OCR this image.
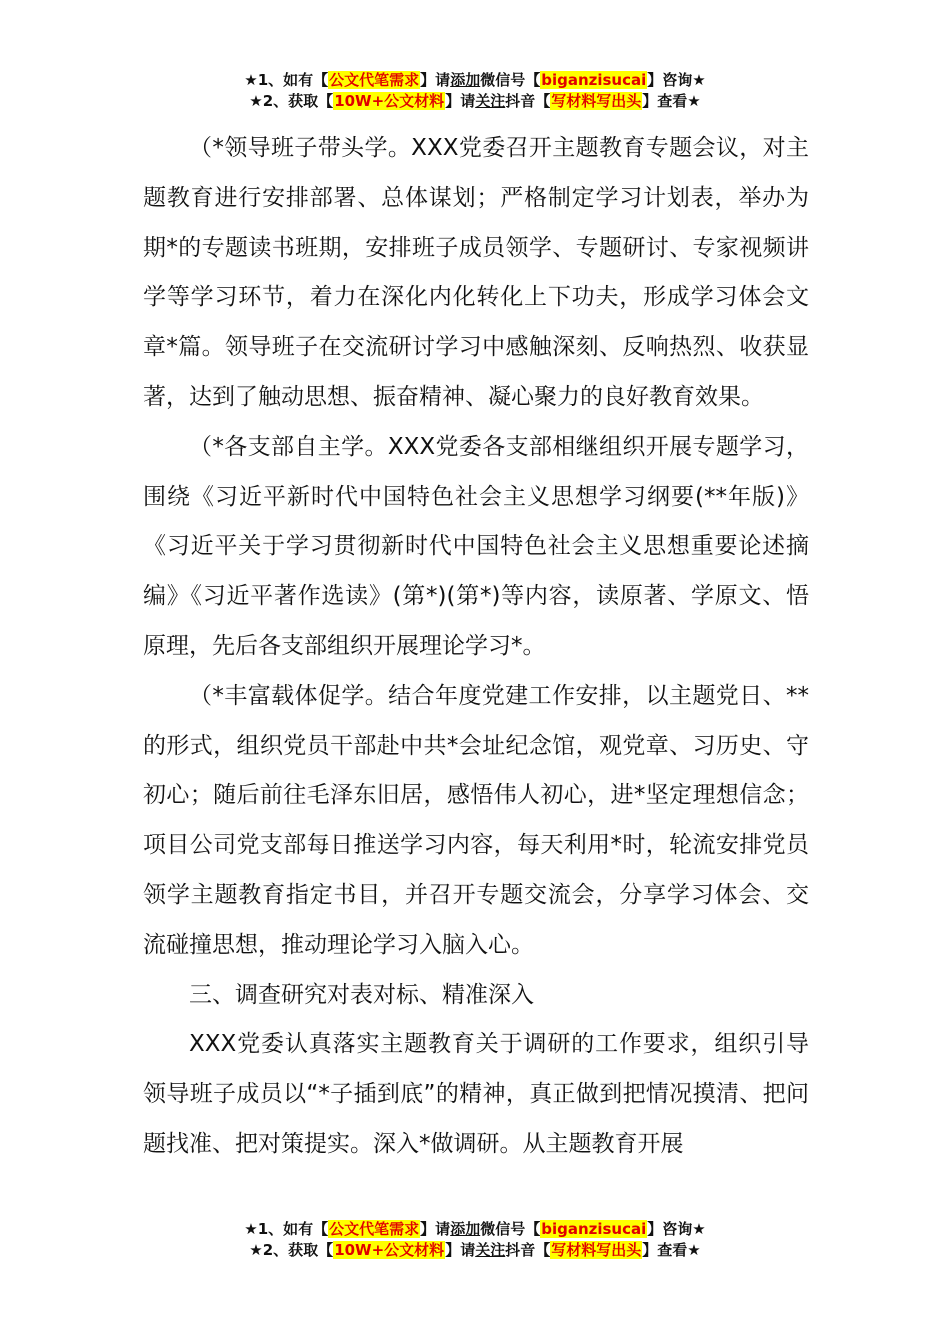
★1、如有【公文代笔需求】请添加微信号【biganzisucai】咨询★
★2、获取【10W+公文材料】请关注抖音【写材料写出头】查看★

（*领导班子带头学。XXX党委召开主题教育专题会议，对主题教育进行安排部署、总体谋划；严格制定学习计划表，举办为期*的专题读书班期，安排班子成员领学、专题研讨、专家视频讲学等学习环节，着力在深化内化转化上下功夫，形成学习体会文章*篇。领导班子在交流研讨学习中感触深刻、反响热烈、收获显著，达到了触动思想、振奋精神、凝心聚力的良好教育效果。

（*各支部自主学。XXX党委各支部相继组织开展专题学习，围绕《习近平新时代中国特色社会主义思想学习纲要(**年版)》《习近平关于学习贯彻新时代中国特色社会主义思想重要论述摘编》《习近平著作选读》(第*)(第*)等内容，读原著、学原文、悟原理，先后各支部组织开展理论学习*。

（*丰富载体促学。结合年度党建工作安排，以主题党日、**的形式，组织党员干部赴中共*会址纪念馆，观党章、习历史、守初心；随后前往毛泽东旧居，感悟伟人初心，进*坚定理想信念；项目公司党支部每日推送学习内容，每天利用*时，轮流安排党员领学主题教育指定书目，并召开专题交流会，分享学习体会、交流碰撞思想，推动理论学习入脑入心。

三、调查研究对表对标、精准深入

XXX党委认真落实主题教育关于调研的工作要求，组织引导领导班子成员以“*子插到底”的精神，真正做到把情况摸清、把问题找准、把对策提实。深入*做调研。从主题教育开展

★1、如有【公文代笔需求】请添加微信号【biganzisucai】咨询★
★2、获取【10W+公文材料】请关注抖音【写材料写出头】查看★
